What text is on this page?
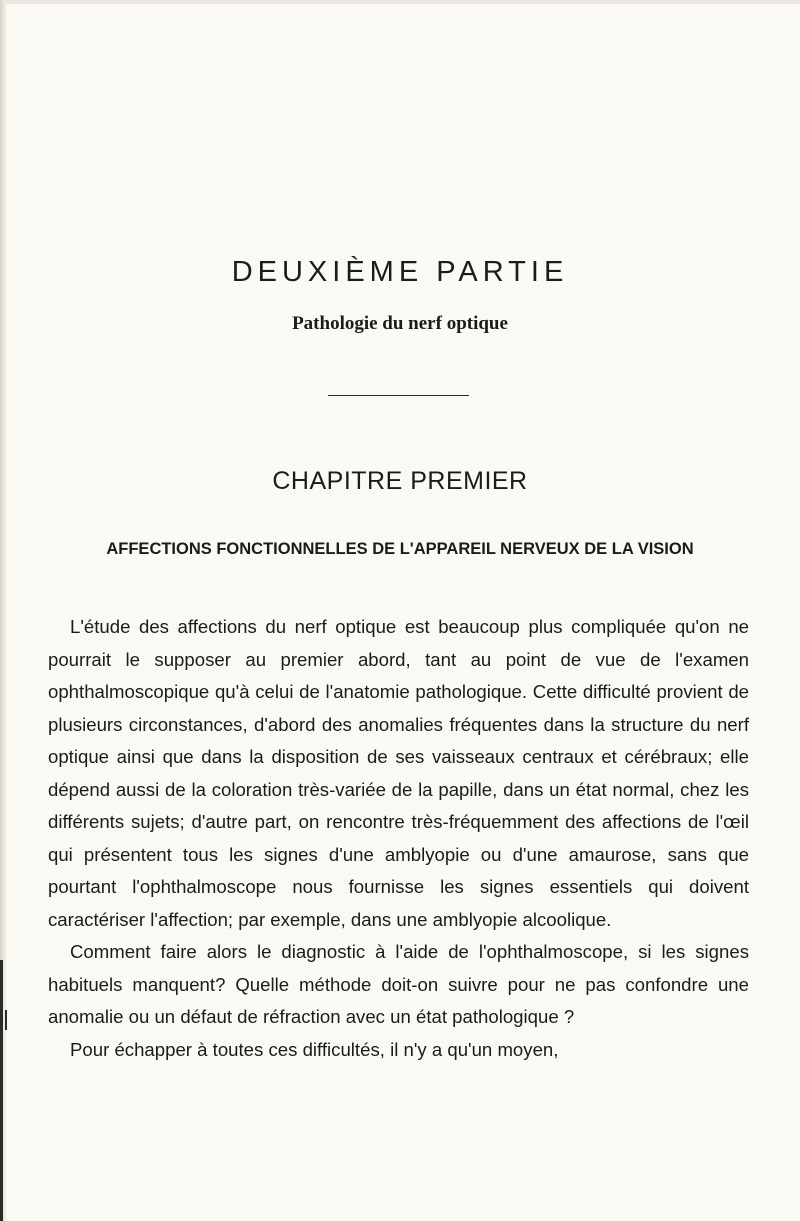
DEUXIÈME PARTIE
Pathologie du nerf optique
CHAPITRE PREMIER
AFFECTIONS FONCTIONNELLES DE L'APPAREIL NERVEUX DE LA VISION

L'étude des affections du nerf optique est beaucoup plus compliquée qu'on ne pourrait le supposer au premier abord, tant au point de vue de l'examen ophthalmoscopique qu'à celui de l'anatomie pathologique. Cette difficulté provient de plusieurs circonstances, d'abord des anomalies fréquentes dans la structure du nerf optique ainsi que dans la disposition de ses vaisseaux centraux et cérébraux; elle dépend aussi de la coloration très-variée de la papille, dans un état normal, chez les différents sujets; d'autre part, on rencontre très-fréquemment des affections de l'œil qui présentent tous les signes d'une amblyopie ou d'une amaurose, sans que pourtant l'ophthalmoscope nous fournisse les signes essentiels qui doivent caractériser l'affection; par exemple, dans une amblyopie alcoolique.

Comment faire alors le diagnostic à l'aide de l'ophthalmoscope, si les signes habituels manquent? Quelle méthode doit-on suivre pour ne pas confondre une anomalie ou un défaut de réfraction avec un état pathologique ?

Pour échapper à toutes ces difficultés, il n'y a qu'un moyen,
